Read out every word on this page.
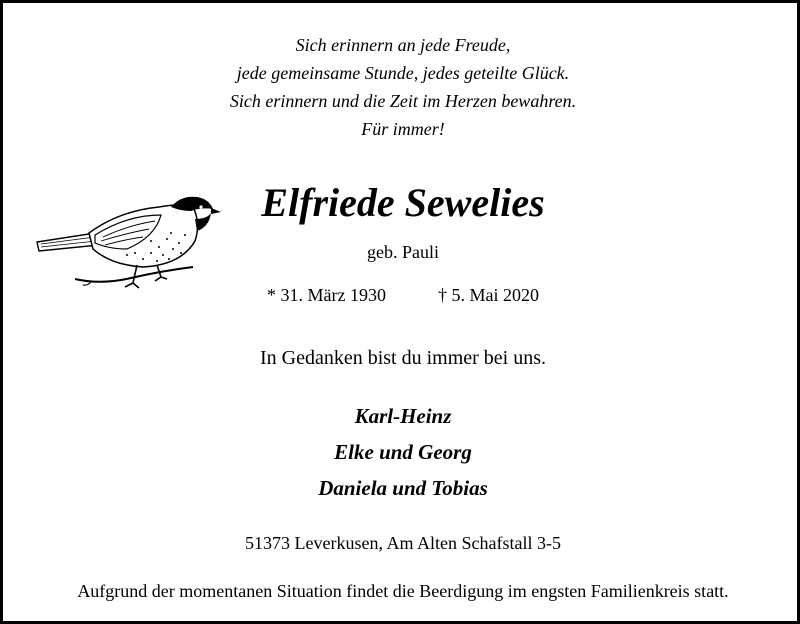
Sich erinnern an jede Freude,
jede gemeinsame Stunde, jedes geteilte Glück.
Sich erinnern und die Zeit im Herzen bewahren.
Für immer!
Elfriede Sewelies
geb. Pauli
* 31. März 1930	† 5. Mai 2020
In Gedanken bist du immer bei uns.
Karl-Heinz
Elke und Georg
Daniela und Tobias
51373 Leverkusen, Am Alten Schafstall 3-5
Aufgrund der momentanen Situation findet die Beerdigung im engsten Familienkreis statt.
